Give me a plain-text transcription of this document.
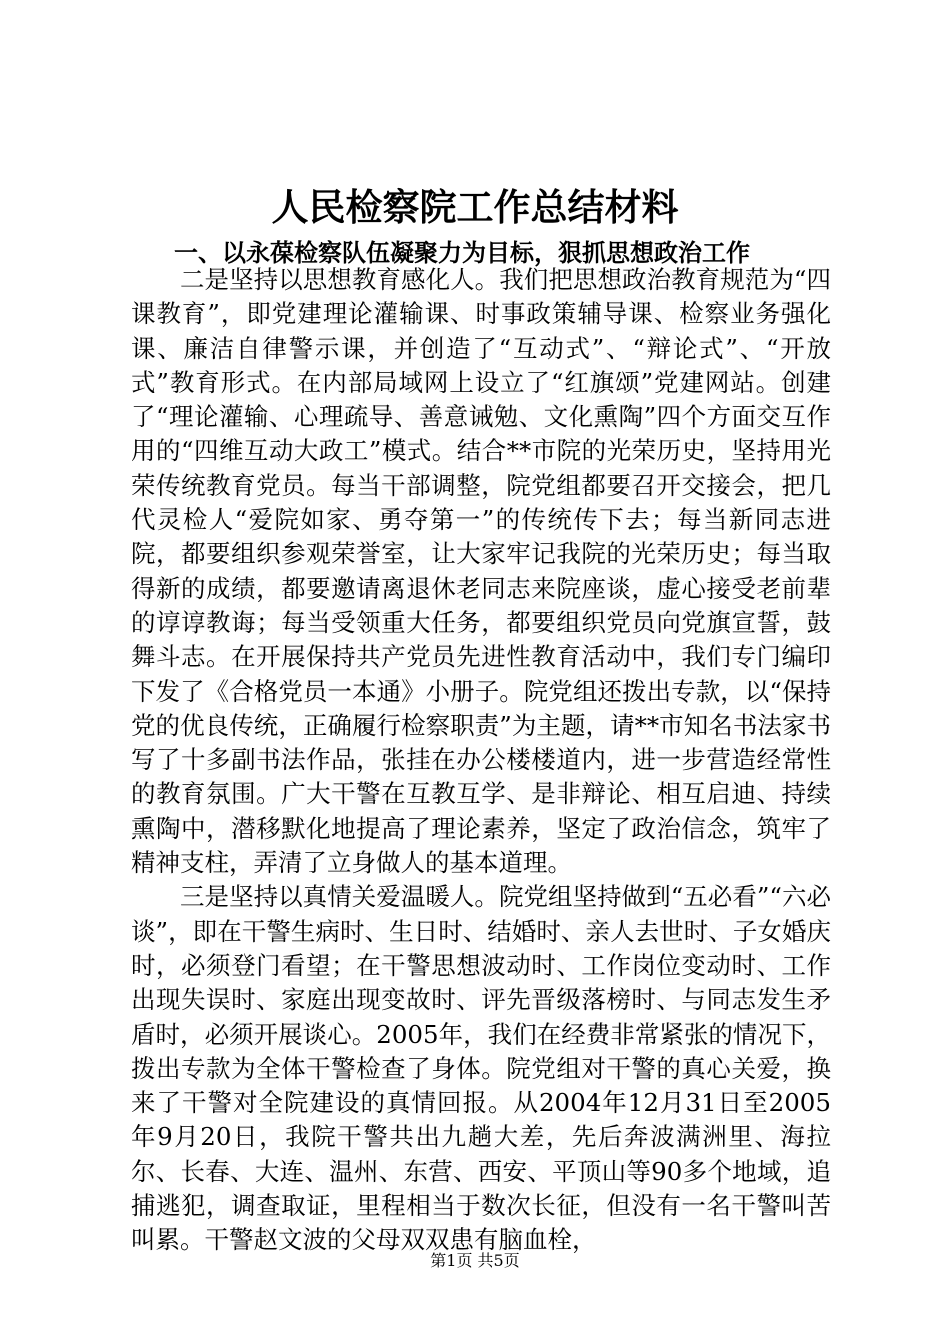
人民检察院工作总结材料
一、以永葆检察队伍凝聚力为目标，狠抓思想政治工作

二是坚持以思想教育感化人。我们把思想政治教育规范为“四课教育”，即党建理论灌输课、时事政策辅导课、检察业务强化课、廉洁自律警示课，并创造了“互动式”、“辩论式”、“开放式”教育形式。在内部局域网上设立了“红旗颂”党建网站。创建了“理论灌输、心理疏导、善意诫勉、文化熏陶”四个方面交互作用的“四维互动大政工”模式。结合**市院的光荣历史，坚持用光荣传统教育党员。每当干部调整，院党组都要召开交接会，把几代灵检人“爱院如家、勇夺第一”的传统传下去；每当新同志进院，都要组织参观荣誉室，让大家牢记我院的光荣历史；每当取得新的成绩，都要邀请离退休老同志来院座谈，虚心接受老前辈的谆谆教诲；每当受领重大任务，都要组织党员向党旗宣誓，鼓舞斗志。在开展保持共产党员先进性教育活动中，我们专门编印下发了《合格党员一本通》小册子。院党组还拨出专款，以“保持党的优良传统，正确履行检察职责”为主题，请**市知名书法家书写了十多副书法作品，张挂在办公楼楼道内，进一步营造经常性的教育氛围。广大干警在互教互学、是非辩论、相互启迪、持续熏陶中，潜移默化地提高了理论素养，坚定了政治信念，筑牢了精神支柱，弄清了立身做人的基本道理。

三是坚持以真情关爱温暖人。院党组坚持做到“五必看”“六必谈”，即在干警生病时、生日时、结婚时、亲人去世时、子女婚庆时，必须登门看望；在干警思想波动时、工作岗位变动时、工作出现失误时、家庭出现变故时、评先晋级落榜时、与同志发生矛盾时，必须开展谈心。2005年，我们在经费非常紧张的情况下，拨出专款为全体干警检查了身体。院党组对干警的真心关爱，换来了干警对全院建设的真情回报。从2004年12月31日至2005年9月20日，我院干警共出九趟大差，先后奔波满洲里、海拉尔、长春、大连、温州、东营、西安、平顶山等90多个地域，追捕逃犯，调查取证，里程相当于数次长征，但没有一名干警叫苦叫累。干警赵文波的父母双双患有脑血栓，

第1页 共5页
